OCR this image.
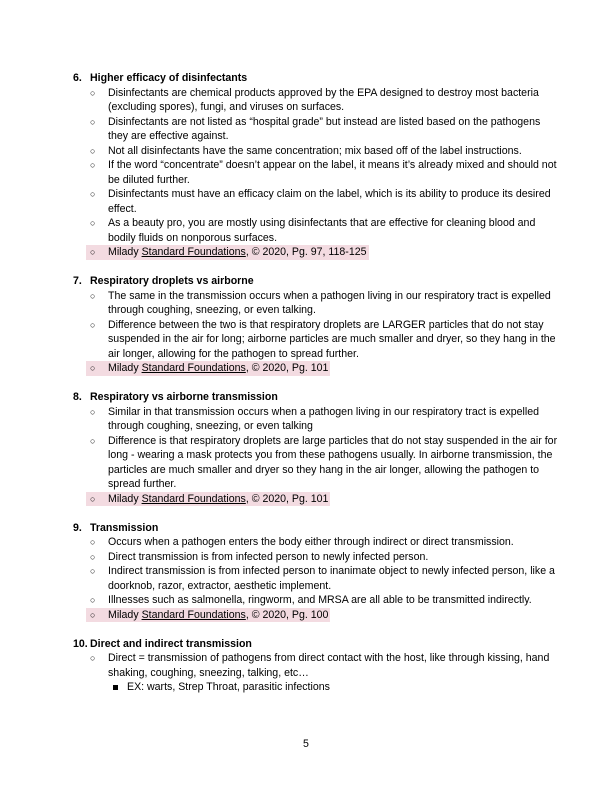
6. Higher efficacy of disinfectants
○ Disinfectants are chemical products approved by the EPA designed to destroy most bacteria (excluding spores), fungi, and viruses on surfaces.
○ Disinfectants are not listed as “hospital grade” but instead are listed based on the pathogens they are effective against.
○ Not all disinfectants have the same concentration; mix based off of the label instructions.
○ If the word “concentrate” doesn’t appear on the label, it means it’s already mixed and should not be diluted further.
○ Disinfectants must have an efficacy claim on the label, which is its ability to produce its desired effect.
○ As a beauty pro, you are mostly using disinfectants that are effective for cleaning blood and bodily fluids on nonporous surfaces.
○ Milady Standard Foundations, © 2020, Pg. 97, 118-125
7. Respiratory droplets vs airborne
○ The same in the transmission occurs when a pathogen living in our respiratory tract is expelled through coughing, sneezing, or even talking.
○ Difference between the two is that respiratory droplets are LARGER particles that do not stay suspended in the air for long; airborne particles are much smaller and dryer, so they hang in the air longer, allowing for the pathogen to spread further.
○ Milady Standard Foundations, © 2020, Pg. 101
8. Respiratory vs airborne transmission
○ Similar in that transmission occurs when a pathogen living in our respiratory tract is expelled through coughing, sneezing, or even talking
○ Difference is that respiratory droplets are large particles that do not stay suspended in the air for long - wearing a mask protects you from these pathogens usually. In airborne transmission, the particles are much smaller and dryer so they hang in the air longer, allowing the pathogen to spread further.
○ Milady Standard Foundations, © 2020, Pg. 101
9. Transmission
○ Occurs when a pathogen enters the body either through indirect or direct transmission.
○ Direct transmission is from infected person to newly infected person.
○ Indirect transmission is from infected person to inanimate object to newly infected person, like a doorknob, razor, extractor, aesthetic implement.
○ Illnesses such as salmonella, ringworm, and MRSA are all able to be transmitted indirectly.
○ Milady Standard Foundations, © 2020, Pg. 100
10. Direct and indirect transmission
○ Direct = transmission of pathogens from direct contact with the host, like through kissing, hand shaking, coughing, sneezing, talking, etc…
EX: warts, Strep Throat, parasitic infections
5
